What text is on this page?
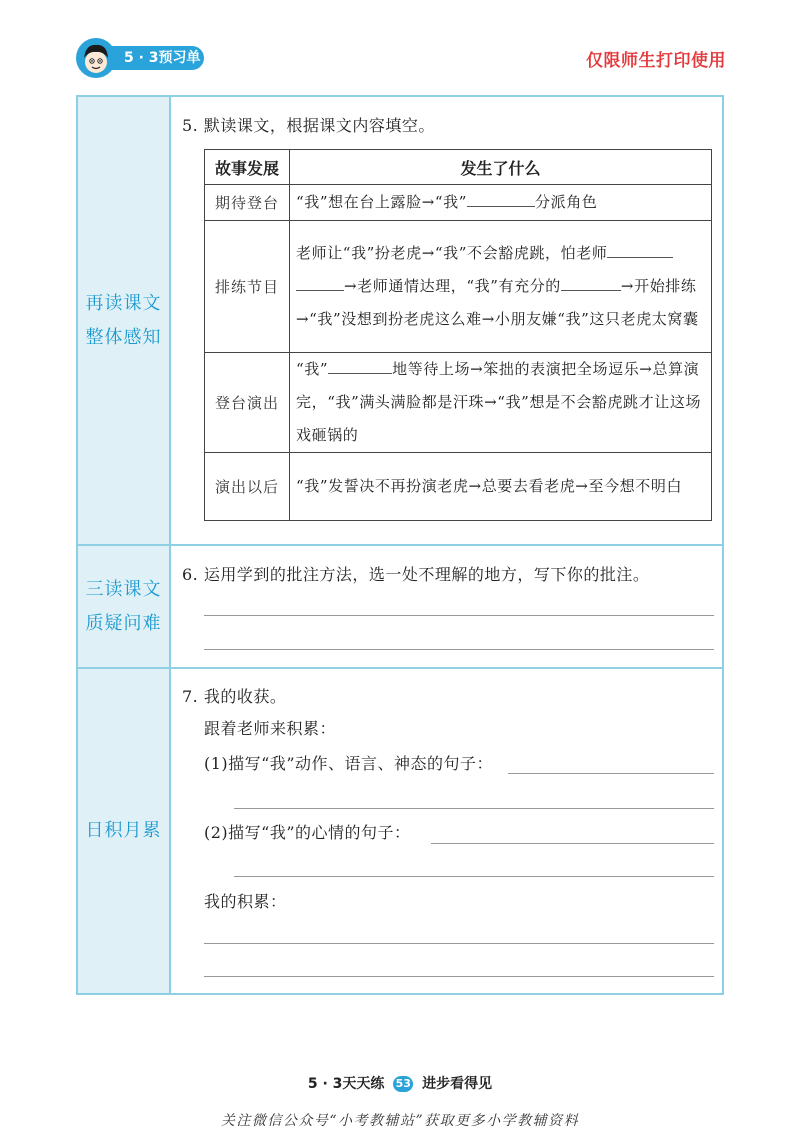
5 · 3预习单	仅限师生打印使用
再读课文
整体感知
三读课文
质疑问难
日积月累
5. 默读课文，根据课文内容填空。
故事发展	发生了什么
期待登台	“我”想在台上露脸→“我” 分派角色
排练节目	老师让“我”扮老虎→“我”不会豁虎跳，怕老师 →老师通情达理，“我”有充分的 →开始排练→“我”没想到扮老虎这么难→小朋友嫌“我”这只老虎太窝囊
登台演出	“我” 地等待上场→笨拙的表演把全场逗乐→总算演完，“我”满头满脸都是汗珠→“我”想是不会豁虎跳才让这场戏砸锅的
演出以后	“我”发誓决不再扮演老虎→总要去看老虎→至今想不明白
6. 运用学到的批注方法，选一处不理解的地方，写下你的批注。
7. 我的收获。
跟着老师来积累：
(1)描写“我”动作、语言、神态的句子：
(2)描写“我”的心情的句子：
我的积累：
5 · 3天天练 53 进步看得见
关注微信公众号“小考教辅站”获取更多小学教辅资料
